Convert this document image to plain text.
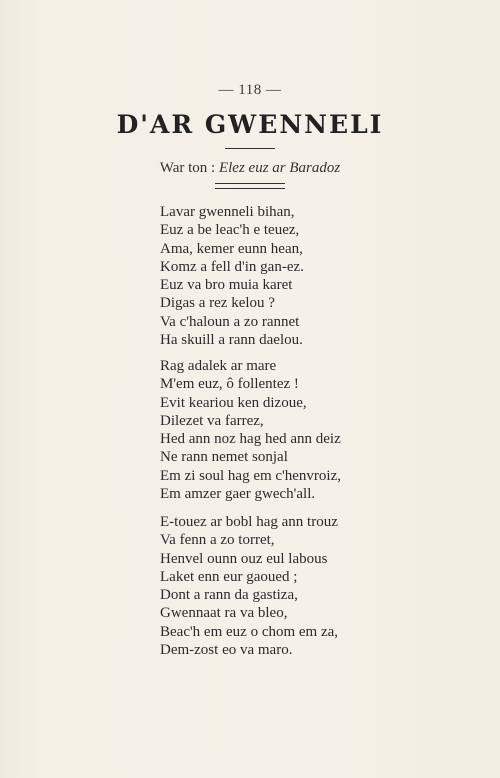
— 118 —
D'AR GWENNELI
War ton : Elez euz ar Baradoz
Lavar gwenneli bihan,
Euz a be leac'h e teuez,
Ama, kemer eunn hean,
Komz a fell d'in gan-ez.
Euz va bro muia karet
Digas a rez kelou ?
Va c'haloun a zo rannet
Ha skuill a rann daelou.
Rag adalek ar mare
M'em euz, ô follentez !
Evit keariou ken dizoue,
Dilezet va farrez,
Hed ann noz hag hed ann deiz
Ne rann nemet sonjal
Em zi soul hag em c'henvroiz,
Em amzer gaer gwech'all.
E-touez ar bobl hag ann trouz
Va fenn a zo torret,
Henvel ounn ouz eul labous
Laket enn eur gaoued ;
Dont a rann da gastiza,
Gwennaat ra va bleo,
Beac'h em euz o chom em za,
Dem-zost eo va maro.
